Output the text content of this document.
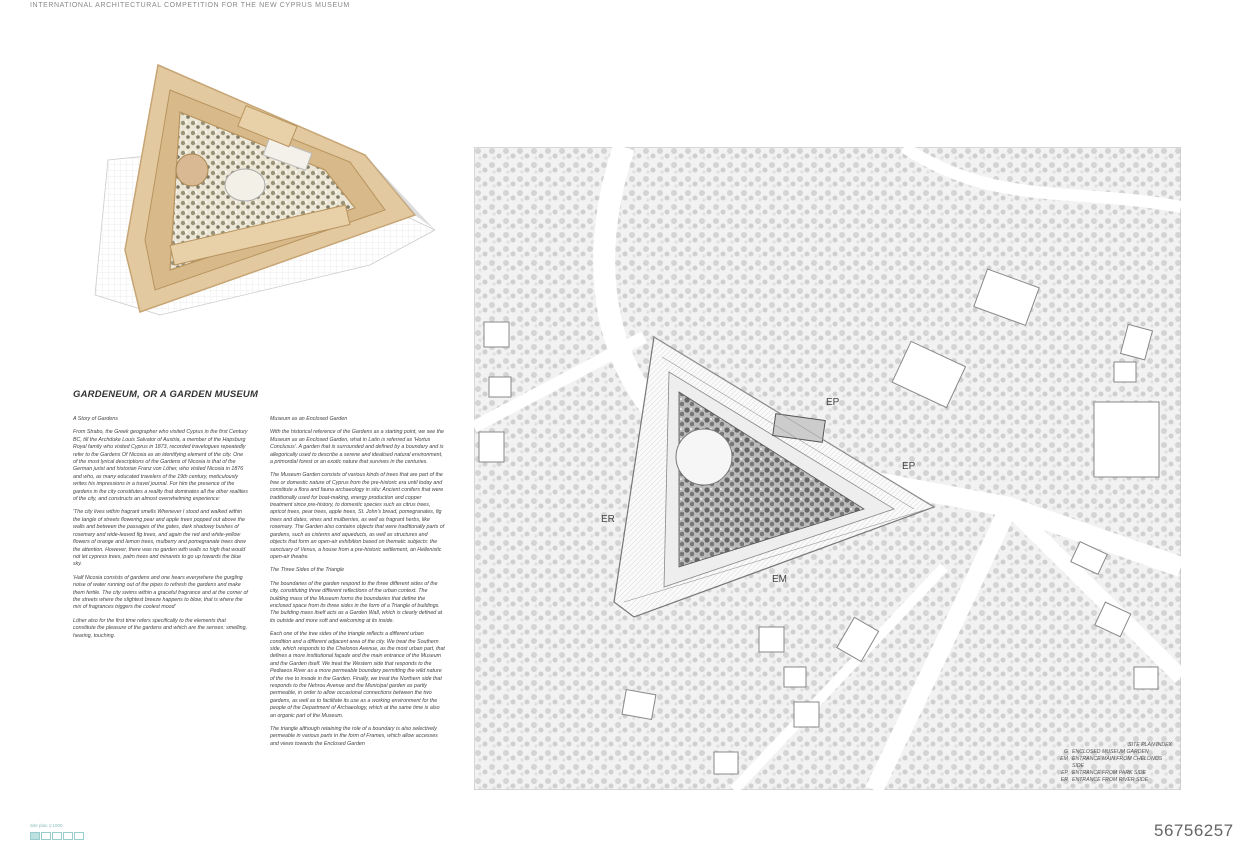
INTERNATIONAL ARCHITECTURAL COMPETITION FOR THE NEW CYPRUS MUSEUM
GARDENEUM, OR A GARDEN MUSEUM

A Story of Gardens

From Strabo, the Greek geographer who visited Cyprus in the first Century BC, till the Archduke Louis Salvator of Austria, a member of the Hapsburg Royal family who visited Cyprus in 1873, recorded travelogues repeatedly refer to the Gardens Of Nicosia as an identifying element of the city. One of the most lyrical descriptions of the Gardens of Nicosia is that of the German jurist and historian Franz von Löher, who visited Nicosia in 1876 and who, as many educated travelers of the 19th century, meticulously writes his impressions in a travel journal. For him the presence of the gardens in the city constitutes a reality that dominates all the other realities of the city, and constructs an almost overwhelming experience:

'The city lives within fragrant smells Whenever I stood and walked within the tangle of streets flowering pear and apple trees popped out above the walls and between the passages of the gates, dark shadowy bushes of rosemary and wide-leaved fig trees, and again the red and white-yellow flowers of orange and lemon trees, mulberry and pomegranate trees drew the attention. However, there was no garden with walls so high that would not let cypress trees, palm trees and minarets to go up towards the blue sky.

'Half Nicosia consists of gardens and one hears everywhere the gurgling noise of water running out of the pipes to refresh the gardens and make them fertile. The city swims within a graceful fragrance and at the corner of the streets where the slightest breeze happens to blow, that is where the mix of fragrances triggers the coolest mood'

Löher also for the first time refers specifically to the elements that constitute the pleasure of the gardens and which are the senses: smelling, hearing, touching.

Museum as an Enclosed Garden

With the historical reference of the Gardens as a starting point, we see the Museum as an Enclosed Garden, what in Latin is referred as 'Hortus Conclusus'. A garden that is surrounded and defined by a boundary and is allegorically used to describe a serene and idealised natural environment, a primordial forest or an exotic nature that survives in the centuries.

The Museum Garden consists of various kinds of trees that are part of the free or domestic nature of Cyprus from the pre-historic era until today and constitute a flora and fauna archaeology in situ: Ancient conifers that were traditionally used for boat-making, energy production and copper treatment since pre-history, to domestic species such as citrus trees, apricot trees, pear trees, apple trees, St. John's bread, pomegranates, fig trees and dates, vines and mulberries, as well as fragrant herbs, like rosemary. The Garden also contains objects that were traditionally parts of gardens, such as cisterns and aqueducts, as well as structures and objects that form an open-air exhibition based on thematic subjects: the sanctuary of Venus, a house from a pre-historic settlement, an Hellenistic open-air theatre.

The Three Sides of the Triangle

The boundaries of the garden respond to the three different sides of the city, constituting three different reflections of the urban context. The building mass of the Museum forms the boundaries that define the enclosed space from its three sides in the form of a Triangle of buildings. The building mass itself acts as a Garden Wall, which is clearly defined at its outside and more soft and welcoming at its inside.

Each one of the tree sides of the triangle reflects a different urban condition and a different adjacent area of the city. We treat the Southern side, which responds to the Chelonos Avenue, as the most urban part, that defines a more institutional façade and the main entrance of the Museum and the Garden itself. We treat the Western side that responds to the Pediaeos River as a more permeable boundary permitting the wild nature of the rive to invade in the Garden. Finally, we treat the Northern side that responds to the Nehrou Avenue and the Municipal garden as partly permeable, in order to allow occasional connections between the two gardens, as well as to facilitate its use as a working environment for the people of the Department of Archaeology, which at the same time is also an organic part of the Museum.

The triangle although retaining the role of a boundary is also selectively permeable in various parts in the form of Frames, which allow accesses and views towards the Enclosed Garden

EP
EP
ER
EM
SITE PLAN INDEX
G ENCLOSED MUSEUM GARDEN
EM ENTRANCE MAIN FROM CHELONOS SIDE
EP ENTRANCE FROM PARK SIDE
ER ENTRANCE FROM RIVER SIDE
Site plan 1:1000	56756257
